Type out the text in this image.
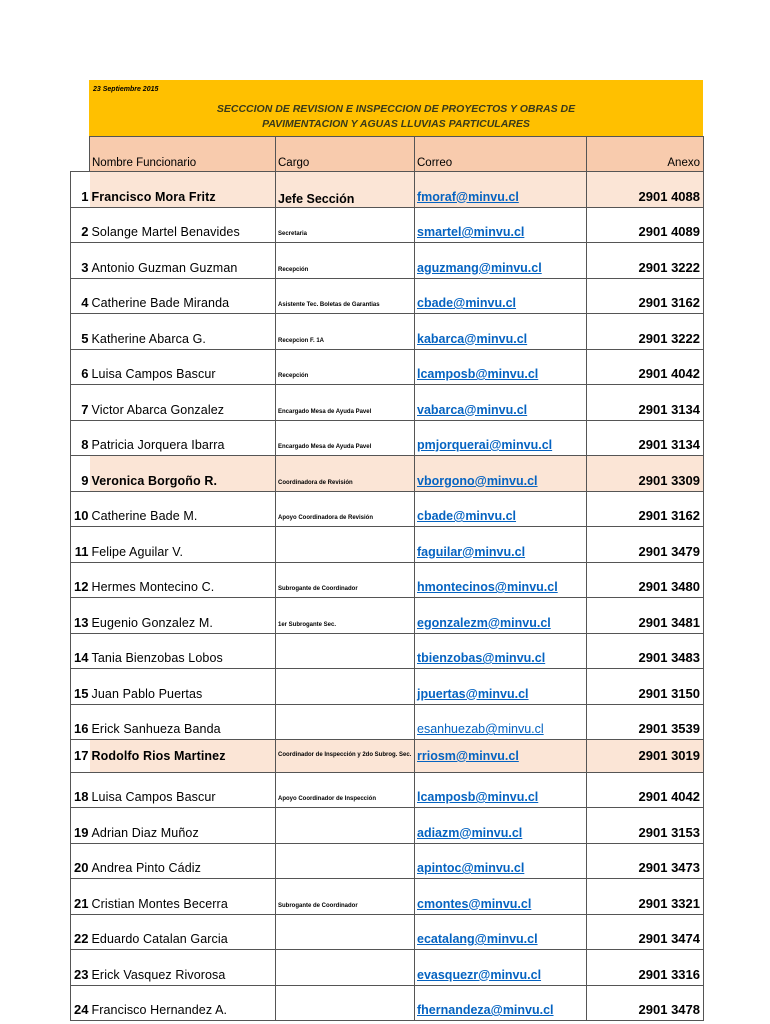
23 Septiembre 2015
SECCCION DE REVISION E INSPECCION DE PROYECTOS Y OBRAS DE
PAVIMENTACION Y AGUAS LLUVIAS PARTICULARES
	Nombre Funcionario	Cargo	Correo	Anexo
1	Francisco Mora Fritz	Jefe Sección	fmoraf@minvu.cl	2901 4088
2	Solange Martel Benavides	Secretaria	smartel@minvu.cl	2901 4089
3	Antonio Guzman Guzman	Recepción	aguzmang@minvu.cl	2901 3222
4	Catherine Bade Miranda	Asistente Tec. Boletas de Garantias	cbade@minvu.cl	2901 3162
5	Katherine Abarca G.	Recepcion F. 1A	kabarca@minvu.cl	2901 3222
6	Luisa Campos Bascur	Recepción	lcamposb@minvu.cl	2901 4042
7	Victor Abarca Gonzalez	Encargado Mesa de Ayuda Pavel	vabarca@minvu.cl	2901 3134
8	Patricia Jorquera Ibarra	Encargado Mesa de Ayuda Pavel	pmjorquerai@minvu.cl	2901 3134
9	Veronica Borgoño R.	Coordinadora de Revisión	vborgono@minvu.cl	2901 3309
10	Catherine Bade M.	Apoyo Coordinadora de Revisión	cbade@minvu.cl	2901 3162
11	Felipe Aguilar V.		faguilar@minvu.cl	2901 3479
12	Hermes Montecino C.	Subrogante de Coordinador	hmontecinos@minvu.cl	2901 3480
13	Eugenio Gonzalez M.	1er Subrogante Sec.	egonzalezm@minvu.cl	2901 3481
14	Tania Bienzobas Lobos		tbienzobas@minvu.cl	2901 3483
15	Juan Pablo Puertas		jpuertas@minvu.cl	2901 3150
16	Erick Sanhueza Banda		esanhuezab@minvu.cl	2901 3539
17	Rodolfo Rios Martinez	Coordinador de Inspección y 2do Subrog. Sec.	rriosm@minvu.cl	2901 3019
18	Luisa Campos Bascur	Apoyo Coordinador de Inspección	lcamposb@minvu.cl	2901 4042
19	Adrian Diaz Muñoz		adiazm@minvu.cl	2901 3153
20	Andrea Pinto Cádiz		apintoc@minvu.cl	2901 3473
21	Cristian Montes Becerra	Subrogante de Coordinador	cmontes@minvu.cl	2901 3321
22	Eduardo Catalan Garcia		ecatalang@minvu.cl	2901 3474
23	Erick Vasquez Rivorosa		evasquezr@minvu.cl	2901 3316
24	Francisco Hernandez A.		fhernandeza@minvu.cl	2901 3478
